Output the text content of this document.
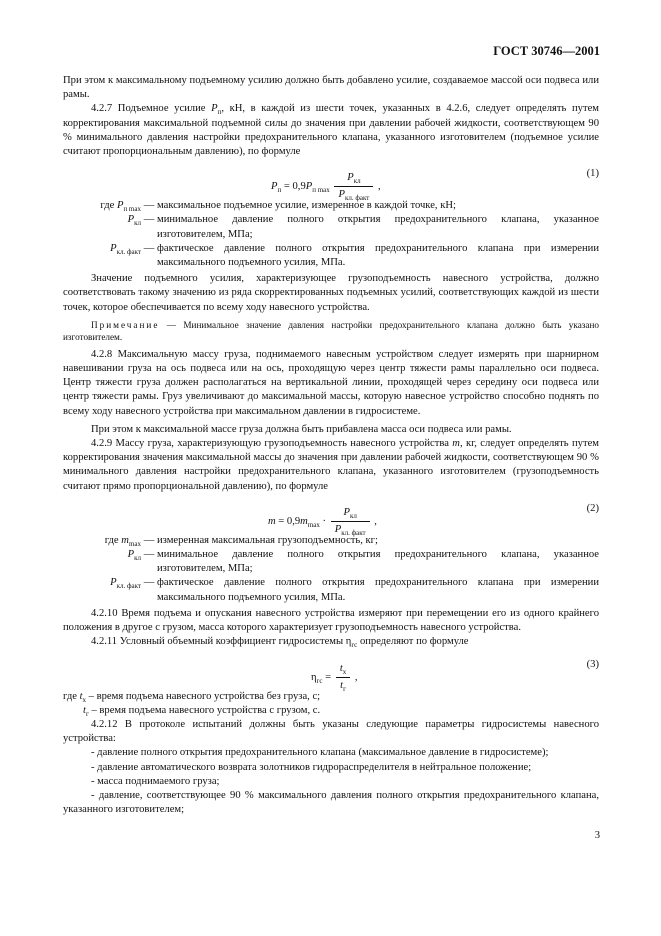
ГОСТ 30746—2001

При этом к максимальному подъемному усилию должно быть добавлено усилие, создаваемое массой оси подвеса или рамы.

4.2.7 Подъемное усилие $P_п$, кН, в каждой из шести точек, указанных в 4.2.6, следует определять путем корректирования максимальной подъемной силы до значения при давлении рабочей жидкости, соответствующем 90 % минимального давления настройки предохранительного клапана, указанного изготовителем (подъемное усилие считают пропорциональным давлению), по формуле

$P_п = 0,9P_{п max} \frac{P_{кл}}{P_{кл. факт}}$ ,
(1)
где $P_{п max}$ — максимальное подъемное усилие, измеренное в каждой точке, кН;
$P_{кл}$ — минимальное давление полного открытия предохранительного клапана, указанное изготовителем, МПа;
$P_{кл. факт}$ — фактическое давление полного открытия предохранительного клапана при измерении максимального подъемного усилия, МПа.

Значение подъемного усилия, характеризующее грузоподъемность навесного устройства, должно соответствовать такому значению из ряда скорректированных подъемных усилий, соответствующих каждой из шести точек, которое обеспечивается по всему ходу навесного устройства.

Примечание — Минимальное значение давления настройки предохранительного клапана должно быть указано изготовителем.

4.2.8 Максимальную массу груза, поднимаемого навесным устройством следует измерять при шарнирном навешивании груза на ось подвеса или на ось, проходящую через центр тяжести рамы параллельно оси подвеса. Центр тяжести груза должен располагаться на вертикальной линии, проходящей через середину оси подвеса или центр тяжести рамы. Груз увеличивают до максимальной массы, которую навесное устройство способно поднять по всему ходу навесного устройства при максимальном давлении в гидросистеме.

При этом к максимальной массе груза должна быть прибавлена масса оси подвеса или рамы.

4.2.9 Массу груза, характеризующую грузоподъемность навесного устройства m, кг, следует определять путем корректирования значения максимальной массы до значения при давлении рабочей жидкости, соответствующем 90 % минимального давления настройки предохранительного клапана, указанного изготовителем (грузоподъемность считают прямо пропорциональной давлению), по формуле

$m = 0,9m_{max} \cdot \frac{P_{кл}}{P_{кл. факт}}$ ,
(2)
где $m_{max}$ — измеренная максимальная грузоподъемность, кг;
$P_{кл}$ — минимальное давление полного открытия предохранительного клапана, указанное изготовителем, МПа;
$P_{кл. факт}$ — фактическое давление полного открытия предохранительного клапана при измерении максимального подъемного усилия, МПа.

4.2.10 Время подъема и опускания навесного устройства измеряют при перемещении его из одного крайнего положения в другое с грузом, масса которого характеризует грузоподъемность навесного устройства.

4.2.11 Условный объемный коэффициент гидросистемы $\eta_{гс}$ определяют по формуле

$\eta_{гс} = \frac{t_х}{t_г}$ ,
(3)

где $t_х$ – время подъема навесного устройства без груза, с;

$t_г$ – время подъема навесного устройства с грузом, с.

4.2.12 В протоколе испытаний должны быть указаны следующие параметры гидросистемы навесного устройства:

- давление полного открытия предохранительного клапана (максимальное давление в гидросистеме);

- давление автоматического возврата золотников гидрораспределителя в нейтральное положение;

- масса поднимаемого груза;

- давление, соответствующее 90 % максимального давления полного открытия предохранительного клапана, указанного изготовителем;

3
